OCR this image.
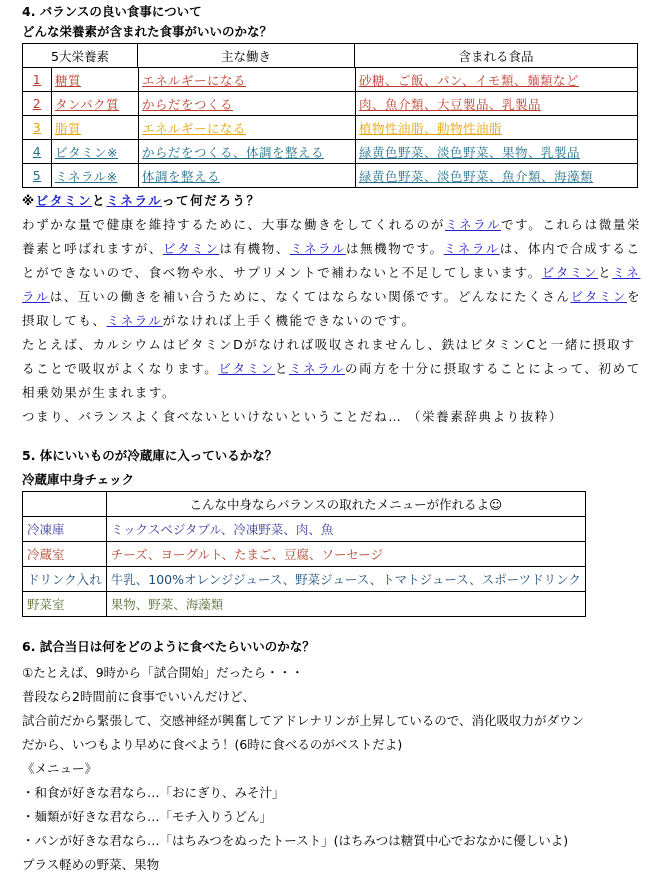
4. バランスの良い食事について

どんな栄養素が含まれた食事がいいのかな？

5大栄養素	主な働き	含まれる食品
1	糖質	エネルギーになる	砂糖、ご飯、パン、イモ類、麺類など
2	タンパク質	からだをつくる	肉、魚介類、大豆製品、乳製品
3	脂質	エネルギーになる	植物性油脂、動物性油脂
4	ビタミン※	からだをつくる、体調を整える	緑黄色野菜、淡色野菜、果物、乳製品
5	ミネラル※	体調を整える	緑黄色野菜、淡色野菜、魚介類、海藻類

※ビタミンとミネラルって何だろう？

わずかな量で健康を維持するために、大事な働きをしてくれるのがミネラルです。これらは微量栄養素と呼ばれますが、ビタミンは有機物、ミネラルは無機物です。ミネラルは、体内で合成することができないので、食べ物や水、サプリメントで補わないと不足してしまいます。ビタミンとミネラルは、互いの働きを補い合うために、なくてはならない関係です。どんなにたくさんビタミンを摂取しても、ミネラルがなければ上手く機能できないのです。

たとえば、カルシウムはビタミンDがなければ吸収されませんし、鉄はビタミンCと一緒に摂取することで吸収がよくなります。ビタミンとミネラルの両方を十分に摂取することによって、初めて相乗効果が生まれます。

つまり、バランスよく食べないといけないということだね… （栄養素辞典より抜粋）

5. 体にいいものが冷蔵庫に入っているかな？

冷蔵庫中身チェック

	こんな中身ならバランスの取れたメニューが作れるよ☺
冷凍庫	ミックスベジタブル、冷凍野菜、肉、魚
冷蔵室	チーズ、ヨーグルト、たまご、豆腐、ソーセージ
ドリンク入れ	牛乳、100%オレンジジュース、野菜ジュース、トマトジュース、スポーツドリンク
野菜室	果物、野菜、海藻類

6. 試合当日は何をどのように食べたらいいのかな？

①たとえば、9時から「試合開始」だったら・・・

普段なら2時間前に食事でいいんだけど、

試合前だから緊張して、交感神経が興奮してアドレナリンが上昇しているので、消化吸収力がダウン

だから、いつもより早めに食べよう！(6時に食べるのがベストだよ)

《メニュー》

・和食が好きな君なら…「おにぎり、みそ汁」

・麺類が好きな君なら…「モチ入りうどん」

・パンが好きな君なら…「はちみつをぬったトースト」(はちみつは糖質中心でおなかに優しいよ)

プラス軽めの野菜、果物
